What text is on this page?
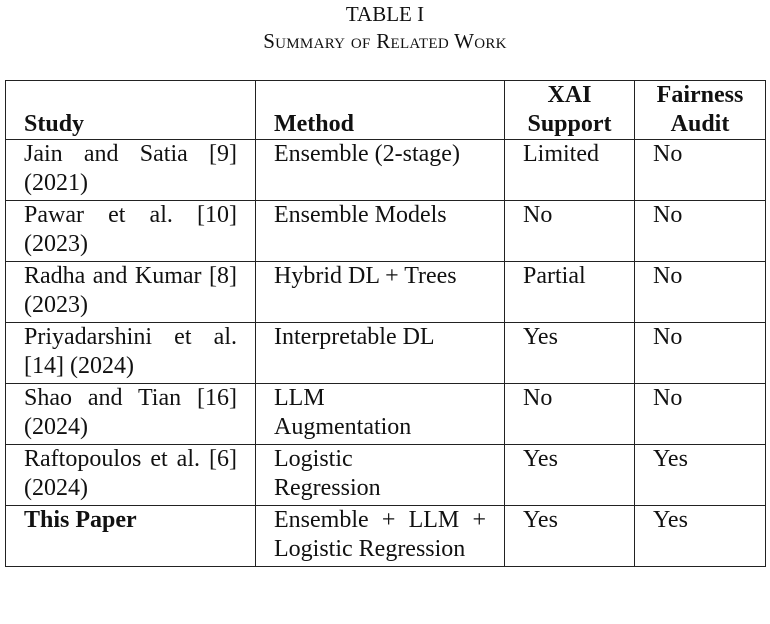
TABLE I
Summary of Related Work
Study	Method	XAI Support	Fairness Audit
Jain and Satia [9] (2021)	Ensemble (2-stage)	Limited	No
Pawar et al. [10] (2023)	Ensemble Models	No	No
Radha and Kumar [8] (2023)	Hybrid DL + Trees	Partial	No
Priyadarshini et al. [14] (2024)	Interpretable DL	Yes	No
Shao and Tian [16] (2024)	LLM Augmentation	No	No
Raftopoulos et al. [6] (2024)	Logistic Regression	Yes	Yes
This Paper	Ensemble + LLM + Logistic Regression	Yes	Yes
